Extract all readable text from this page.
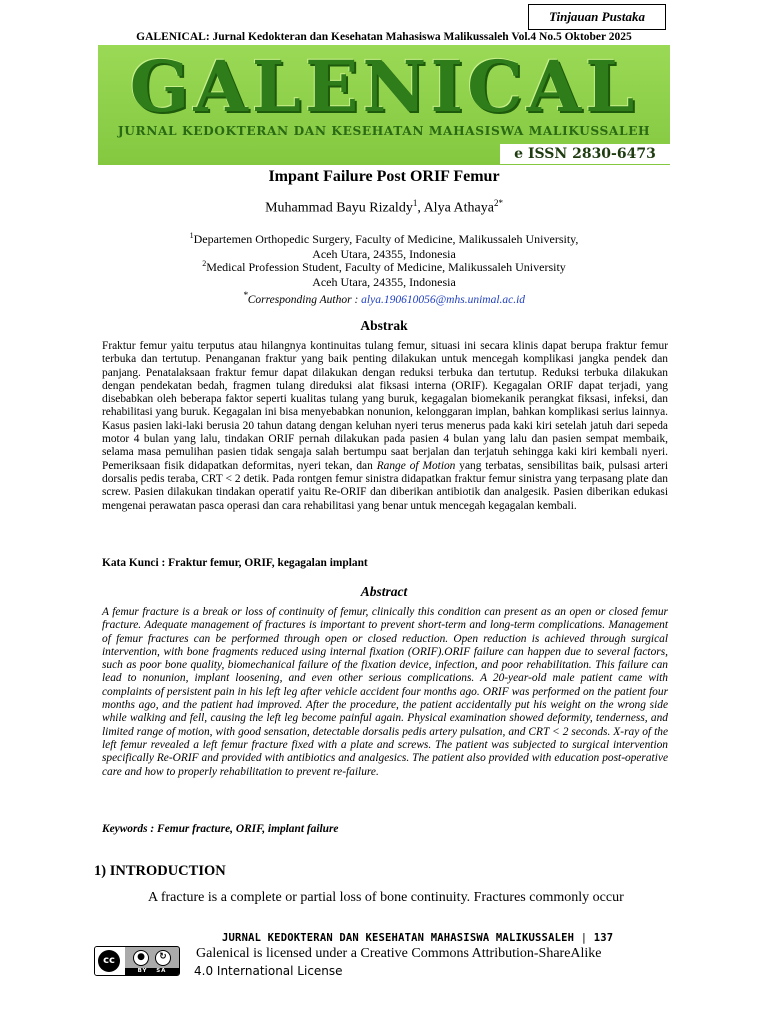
Tinjauan Pustaka
GALENICAL: Jurnal Kedokteran dan Kesehatan Mahasiswa Malikussaleh Vol.4 No.5 Oktober 2025
GALENICAL
JURNAL KEDOKTERAN DAN KESEHATAN MAHASISWA MALIKUSSALEH
e ISSN 2830-6473
Impant Failure Post ORIF Femur
Muhammad Bayu Rizaldy$^1$, Alya Athaya$^{2*}$
$^1$Departemen Orthopedic Surgery, Faculty of Medicine, Malikussaleh University,
Aceh Utara, 24355, Indonesia
$^2$Medical Profession Student, Faculty of Medicine, Malikussaleh University
Aceh Utara, 24355, Indonesia
*Corresponding Author : alya.190610056@mhs.unimal.ac.id
Abstrak
Fraktur femur yaitu terputus atau hilangnya kontinuitas tulang femur, situasi ini secara klinis dapat berupa fraktur femur terbuka dan tertutup. Penanganan fraktur yang baik penting dilakukan untuk mencegah komplikasi jangka pendek dan panjang. Penatalaksaan fraktur femur dapat dilakukan dengan reduksi terbuka dan tertutup. Reduksi terbuka dilakukan dengan pendekatan bedah, fragmen tulang direduksi alat fiksasi interna (ORIF). Kegagalan ORIF dapat terjadi, yang disebabkan oleh beberapa faktor seperti kualitas tulang yang buruk, kegagalan biomekanik perangkat fiksasi, infeksi, dan rehabilitasi yang buruk. Kegagalan ini bisa menyebabkan nonunion, kelonggaran implan, bahkan komplikasi serius lainnya. Kasus pasien laki-laki berusia 20 tahun datang dengan keluhan nyeri terus menerus pada kaki kiri setelah jatuh dari sepeda motor 4 bulan yang lalu, tindakan ORIF pernah dilakukan pada pasien 4 bulan yang lalu dan pasien sempat membaik, selama masa pemulihan pasien tidak sengaja salah bertumpu saat berjalan dan terjatuh sehingga kaki kiri kembali nyeri. Pemeriksaan fisik didapatkan deformitas, nyeri tekan, dan Range of Motion yang terbatas, sensibilitas baik, pulsasi arteri dorsalis pedis teraba, CRT < 2 detik. Pada rontgen femur sinistra didapatkan fraktur femur sinistra yang terpasang plate dan screw. Pasien dilakukan tindakan operatif yaitu Re-ORIF dan diberikan antibiotik dan analgesik. Pasien diberikan edukasi mengenai perawatan pasca operasi dan cara rehabilitasi yang benar untuk mencegah kegagalan kembali.
Kata Kunci : Fraktur femur, ORIF, kegagalan implant
Abstract
A femur fracture is a break or loss of continuity of femur, clinically this condition can present as an open or closed femur fracture. Adequate management of fractures is important to prevent short-term and long-term complications. Management of femur fractures can be performed through open or closed reduction. Open reduction is achieved through surgical intervention, with bone fragments reduced using internal fixation (ORIF).ORIF failure can happen due to several factors, such as poor bone quality, biomechanical failure of the fixation device, infection, and poor rehabilitation. This failure can lead to nonunion, implant loosening, and even other serious complications. A 20-year-old male patient came with complaints of persistent pain in his left leg after vehicle accident four months ago. ORIF was performed on the patient four months ago, and the patient had improved. After the procedure, the patient accidentally put his weight on the wrong side while walking and fell, causing the left leg become painful again. Physical examination showed deformity, tenderness, and limited range of motion, with good sensation, detectable dorsalis pedis artery pulsation, and CRT < 2 seconds. X-ray of the left femur revealed a left femur fracture fixed with a plate and screws. The patient was subjected to surgical intervention specifically Re-ORIF and provided with antibiotics and analgesics. The patient also provided with education post-operative care and how to properly rehabilitation to prevent re-failure.
Keywords : Femur fracture, ORIF, implant failure
1) INTRODUCTION
A fracture is a complete or partial loss of bone continuity. Fractures commonly occur
JURNAL KEDOKTERAN DAN KESEHATAN MAHASISWA MALIKUSSALEH | 137
cc	●	↻
BY SA
Galenical is licensed under a Creative Commons Attribution-ShareAlike
4.0 International License
